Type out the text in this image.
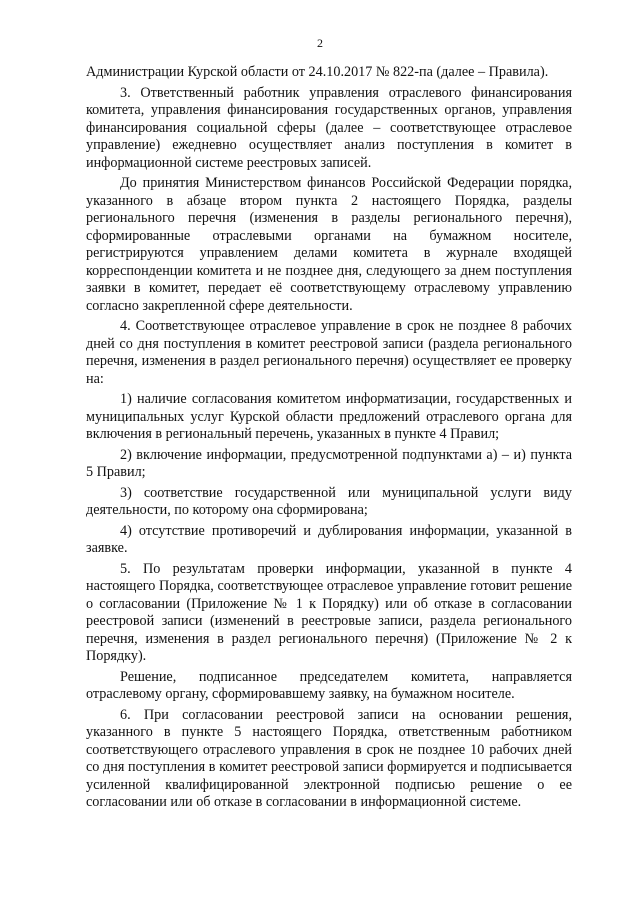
2

Администрации Курской области от 24.10.2017 № 822-па (далее – Правила).

3. Ответственный работник управления отраслевого финансирования комитета, управления финансирования государственных органов, управления финансирования социальной сферы (далее – соответствующее отраслевое управление) ежедневно осуществляет анализ поступления в комитет в информационной системе реестровых записей.

До принятия Министерством финансов Российской Федерации порядка, указанного в абзаце втором пункта 2 настоящего Порядка, разделы регионального перечня (изменения в разделы регионального перечня), сформированные отраслевыми органами на бумажном носителе, регистрируются управлением делами комитета в журнале входящей корреспонденции комитета и не позднее дня, следующего за днем поступления заявки в комитет, передает её соответствующему отраслевому управлению согласно закрепленной сфере деятельности.

4. Соответствующее отраслевое управление в срок не позднее 8 рабочих дней со дня поступления в комитет реестровой записи (раздела регионального перечня, изменения в раздел регионального перечня) осуществляет ее проверку на:

1) наличие согласования комитетом информатизации, государственных и муниципальных услуг Курской области предложений отраслевого органа для включения в региональный перечень, указанных в пункте 4 Правил;

2) включение информации, предусмотренной подпунктами а) – и) пункта 5 Правил;

3) соответствие государственной или муниципальной услуги виду деятельности, по которому она сформирована;

4) отсутствие противоречий и дублирования информации, указанной в заявке.

5. По результатам проверки информации, указанной в пункте 4 настоящего Порядка, соответствующее отраслевое управление готовит решение о согласовании (Приложение № 1 к Порядку) или об отказе в согласовании реестровой записи (изменений в реестровые записи, раздела регионального перечня, изменения в раздел регионального перечня) (Приложение № 2 к Порядку).

Решение, подписанное председателем комитета, направляется отраслевому органу, сформировавшему заявку, на бумажном носителе.

6. При согласовании реестровой записи на основании решения, указанного в пункте 5 настоящего Порядка, ответственным работником соответствующего отраслевого управления в срок не позднее 10 рабочих дней со дня поступления в комитет реестровой записи формируется и подписывается усиленной квалифицированной электронной подписью решение о ее согласовании или об отказе в согласовании в информационной системе.
